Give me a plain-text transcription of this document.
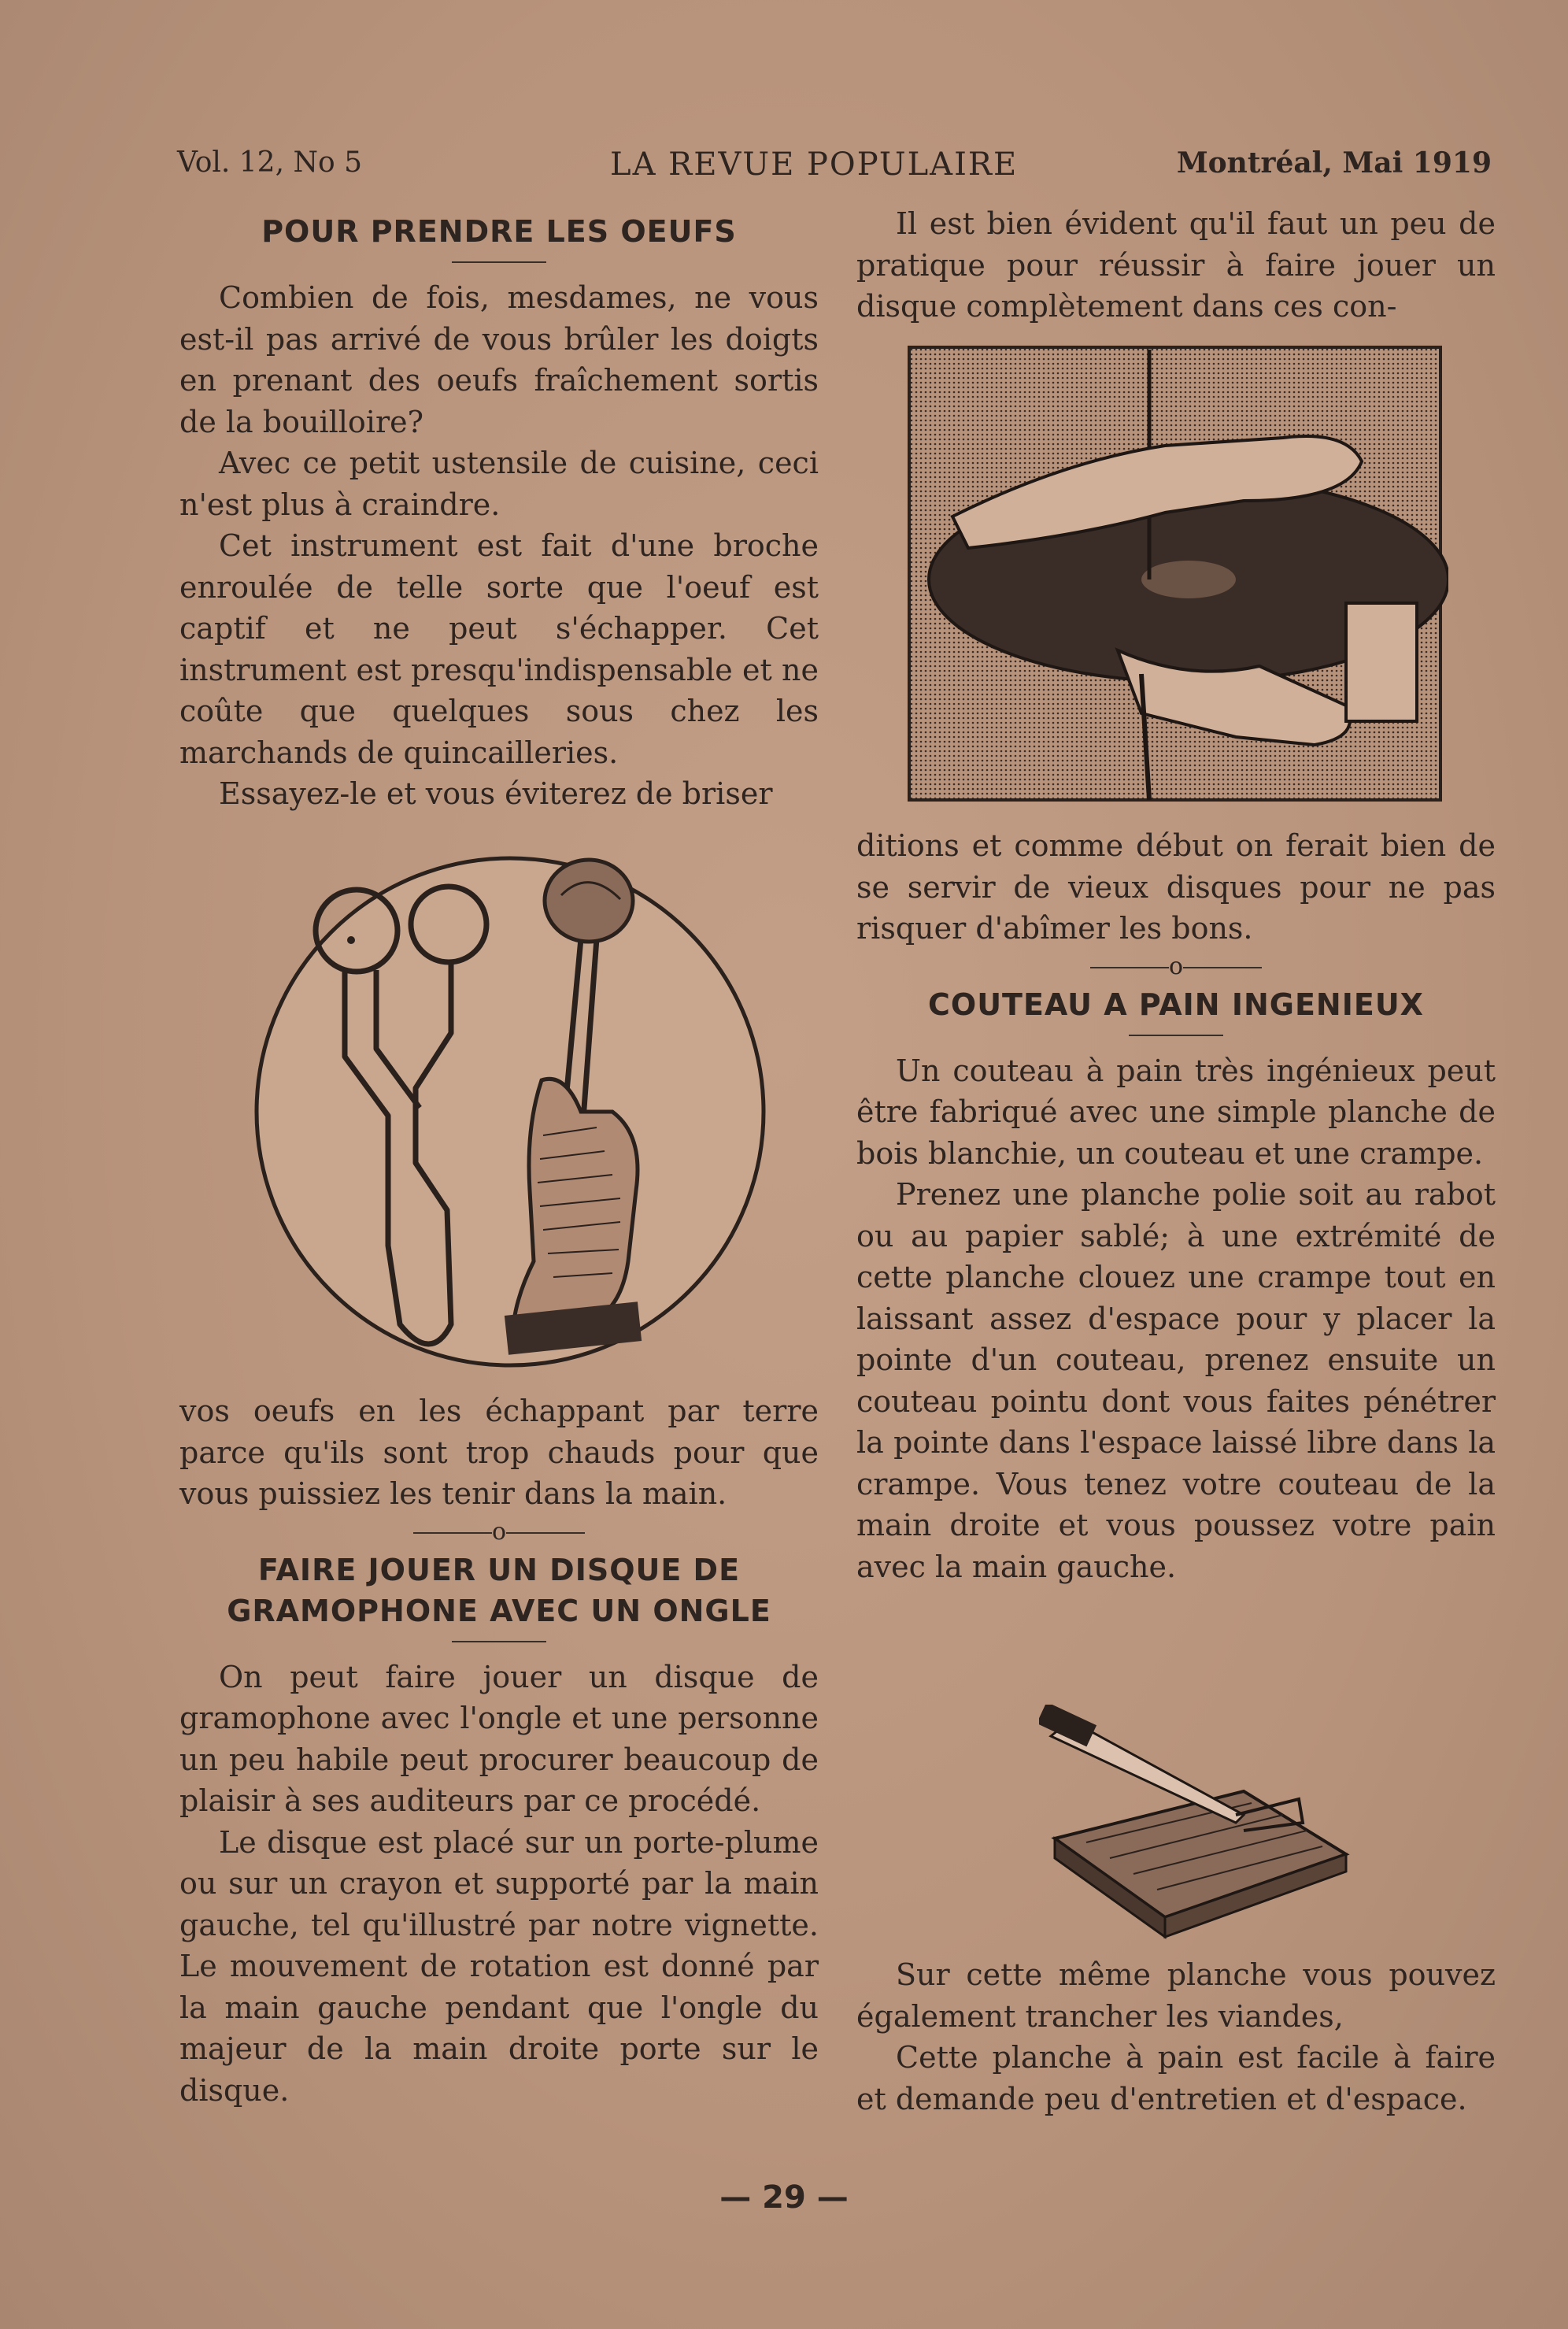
Vol. 12, No 5	LA REVUE POPULAIRE	Montréal, Mai 1919
POUR PRENDRE LES OEUFS

Combien de fois, mesdames, ne vous est-il pas arrivé de vous brûler les doigts en prenant des oeufs fraîchement sortis de la bouilloire?

Avec ce petit ustensile de cuisine, ceci n'est plus à craindre.

Cet instrument est fait d'une broche enroulée de telle sorte que l'oeuf est captif et ne peut s'échapper. Cet instrument est presqu'indispensable et ne coûte que quelques sous chez les marchands de quincailleries.

Essayez-le et vous éviterez de briser

vos oeufs en les échappant par terre parce qu'ils sont trop chauds pour que vous puissiez les tenir dans la main.

o
FAIRE JOUER UN DISQUE DE GRAMOPHONE AVEC UN ONGLE

On peut faire jouer un disque de gramophone avec l'ongle et une personne un peu habile peut procurer beaucoup de plaisir à ses auditeurs par ce procédé.

Le disque est placé sur un porte-plume ou sur un crayon et supporté par la main gauche, tel qu'illustré par notre vignette. Le mouvement de rotation est donné par la main gauche pendant que l'ongle du majeur de la main droite porte sur le disque.

Il est bien évident qu'il faut un peu de pratique pour réussir à faire jouer un disque complètement dans ces con-

ditions et comme début on ferait bien de se servir de vieux disques pour ne pas risquer d'abîmer les bons.

o
COUTEAU A PAIN INGENIEUX

Un couteau à pain très ingénieux peut être fabriqué avec une simple planche de bois blanchie, un couteau et une crampe.

Prenez une planche polie soit au rabot ou au papier sablé; à une extrémité de cette planche clouez une crampe tout en laissant assez d'espace pour y placer la pointe d'un couteau, prenez ensuite un couteau pointu dont vous faites pénétrer la pointe dans l'espace laissé libre dans la crampe. Vous tenez votre couteau de la main droite et vous poussez votre pain avec la main gauche.

Sur cette même planche vous pouvez également trancher les viandes,

Cette planche à pain est facile à faire et demande peu d'entretien et d'espace.

— 29 —
